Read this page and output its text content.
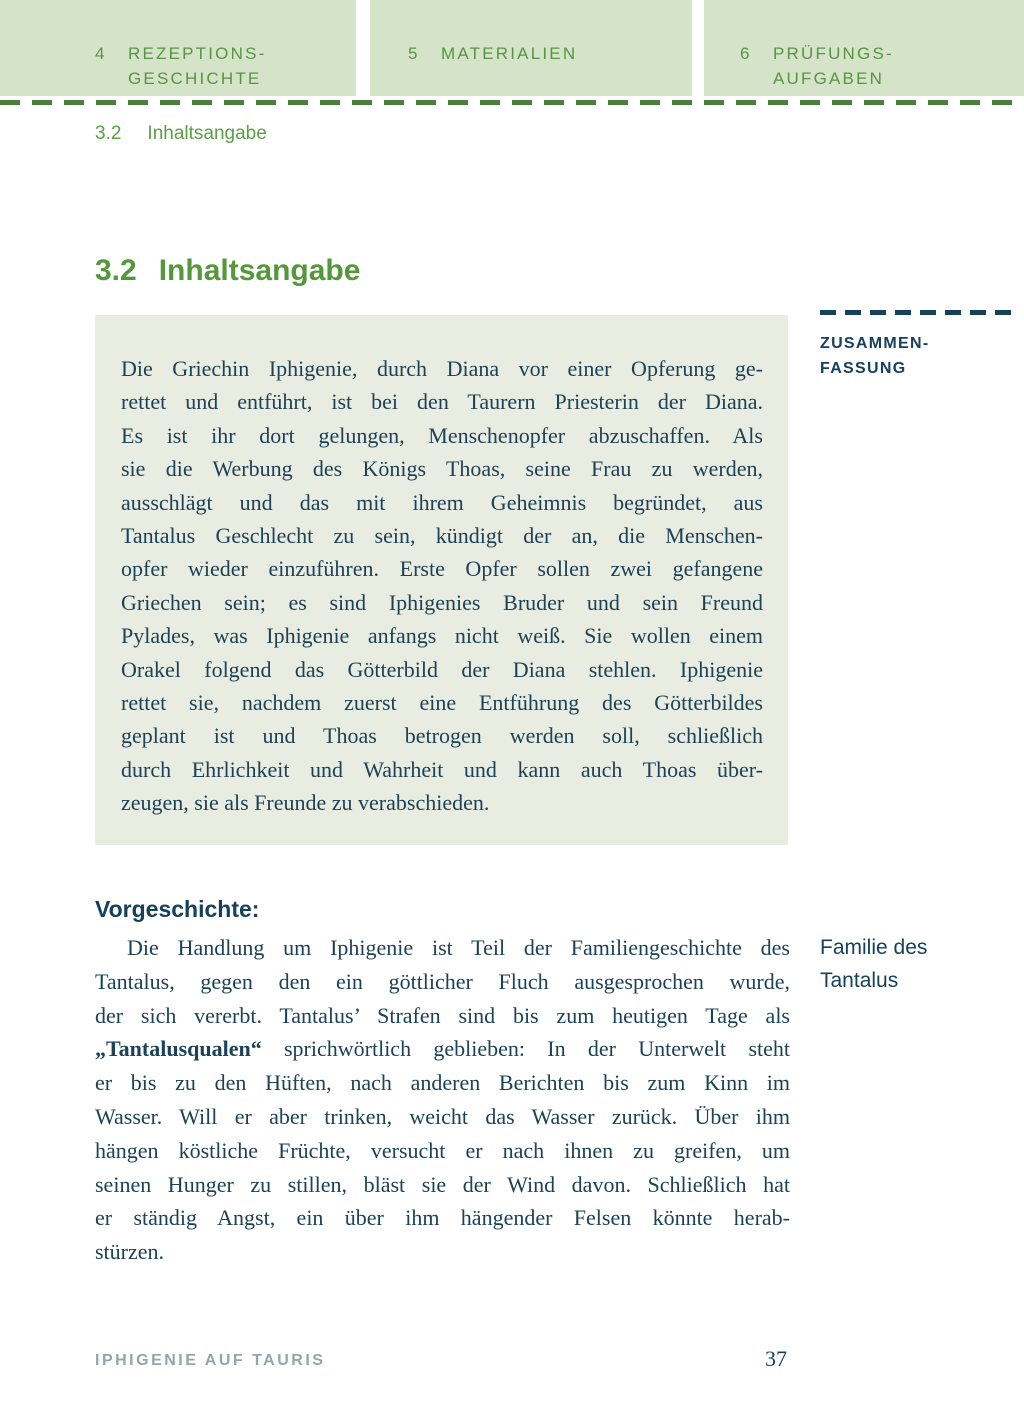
4	REZEPTIONS-
GESCHICHTE
5	MATERIALIEN	6	PRÜFUNGS-
AUFGABEN
3.2 Inhaltsangabe
3.2 Inhaltsangabe
Die Griechin Iphigenie, durch Diana vor einer Opferung ge-
rettet und entführt, ist bei den Taurern Priesterin der Diana.
Es ist ihr dort gelungen, Menschenopfer abzuschaffen. Als
sie die Werbung des Königs Thoas, seine Frau zu werden,
ausschlägt und das mit ihrem Geheimnis begründet, aus
Tantalus Geschlecht zu sein, kündigt der an, die Menschen-
opfer wieder einzuführen. Erste Opfer sollen zwei gefangene
Griechen sein; es sind Iphigenies Bruder und sein Freund
Pylades, was Iphigenie anfangs nicht weiß. Sie wollen einem
Orakel folgend das Götterbild der Diana stehlen. Iphigenie
rettet sie, nachdem zuerst eine Entführung des Götterbildes
geplant ist und Thoas betrogen werden soll, schließlich
durch Ehrlichkeit und Wahrheit und kann auch Thoas über-
zeugen, sie als Freunde zu verabschieden.
ZUSAMMEN-
FASSUNG
Vorgeschichte:
Die Handlung um Iphigenie ist Teil der Familiengeschichte des
Tantalus, gegen den ein göttlicher Fluch ausgesprochen wurde,
der sich vererbt. Tantalus’ Strafen sind bis zum heutigen Tage als
„Tantalusqualen“ sprichwörtlich geblieben: In der Unterwelt steht
er bis zu den Hüften, nach anderen Berichten bis zum Kinn im
Wasser. Will er aber trinken, weicht das Wasser zurück. Über ihm
hängen köstliche Früchte, versucht er nach ihnen zu greifen, um
seinen Hunger zu stillen, bläst sie der Wind davon. Schließlich hat
er ständig Angst, ein über ihm hängender Felsen könnte herab-
stürzen.
Familie des
Tantalus
IPHIGENIE AUF TAURIS	37
